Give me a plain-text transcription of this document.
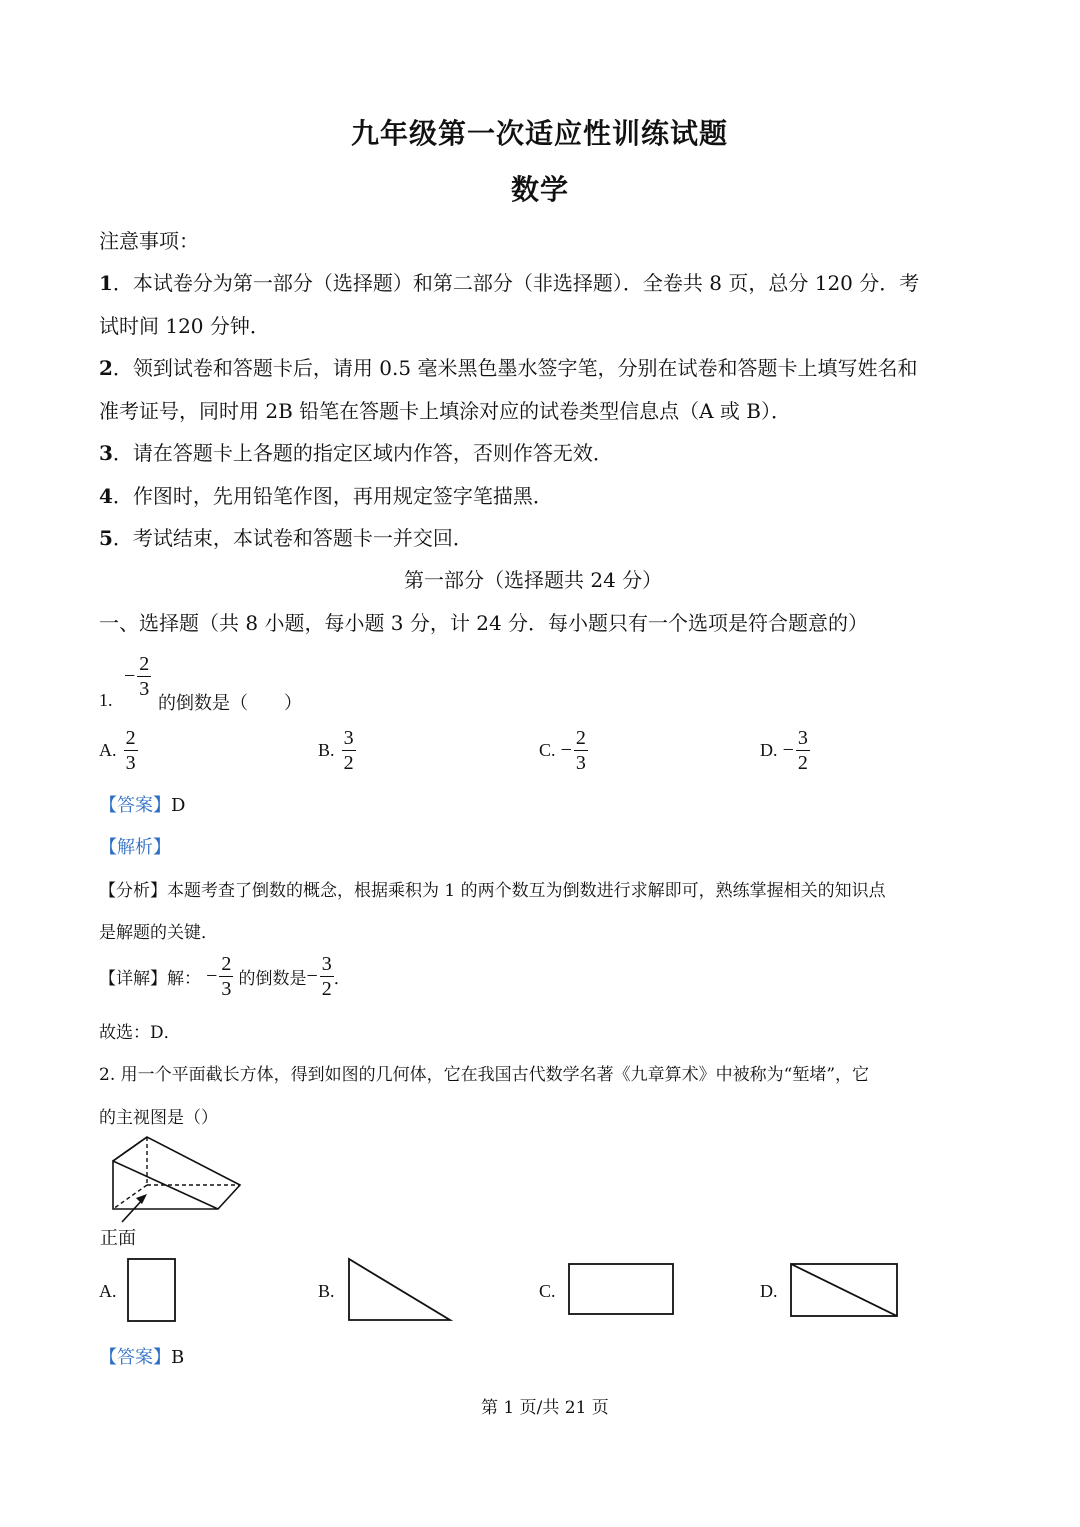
九年级第一次适应性训练试题
数学
注意事项：
1．本试卷分为第一部分（选择题）和第二部分（非选择题）．全卷共 8 页，总分 120 分．考
试时间 120 分钟．
2．领到试卷和答题卡后，请用 0.5 毫米黑色墨水签字笔，分别在试卷和答题卡上填写姓名和
准考证号，同时用 2B 铅笔在答题卡上填涂对应的试卷类型信息点（A 或 B）．
3．请在答题卡上各题的指定区域内作答，否则作答无效．
4．作图时，先用铅笔作图，再用规定签字笔描黑．
5．考试结束，本试卷和答题卡一并交回．
第一部分（选择题共 24 分）
一、选择题（共 8 小题，每小题 3 分，计 24 分．每小题只有一个选项是符合题意的）
1.
− $\frac{2}{3}$
的倒数是（　　）
A. $\frac{2}{3}$	B. $\frac{3}{2}$	C. − $\frac{2}{3}$	D. − $\frac{3}{2}$
【答案】D
【解析】
【分析】本题考查了倒数的概念，根据乘积为 1 的两个数互为倒数进行求解即可，熟练掌握相关的知识点
是解题的关键．
【详解】解： − $\frac{2}{3}$ 的倒数是− $\frac{3}{2}$ ．
故选：D．
2. 用一个平面截长方体，得到如图的几何体，它在我国古代数学名著《九章算术》中被称为“堑堵”，它
的主视图是（）
正面
A.	B.	C.	D.
【答案】B
第 1 页/共 21 页
